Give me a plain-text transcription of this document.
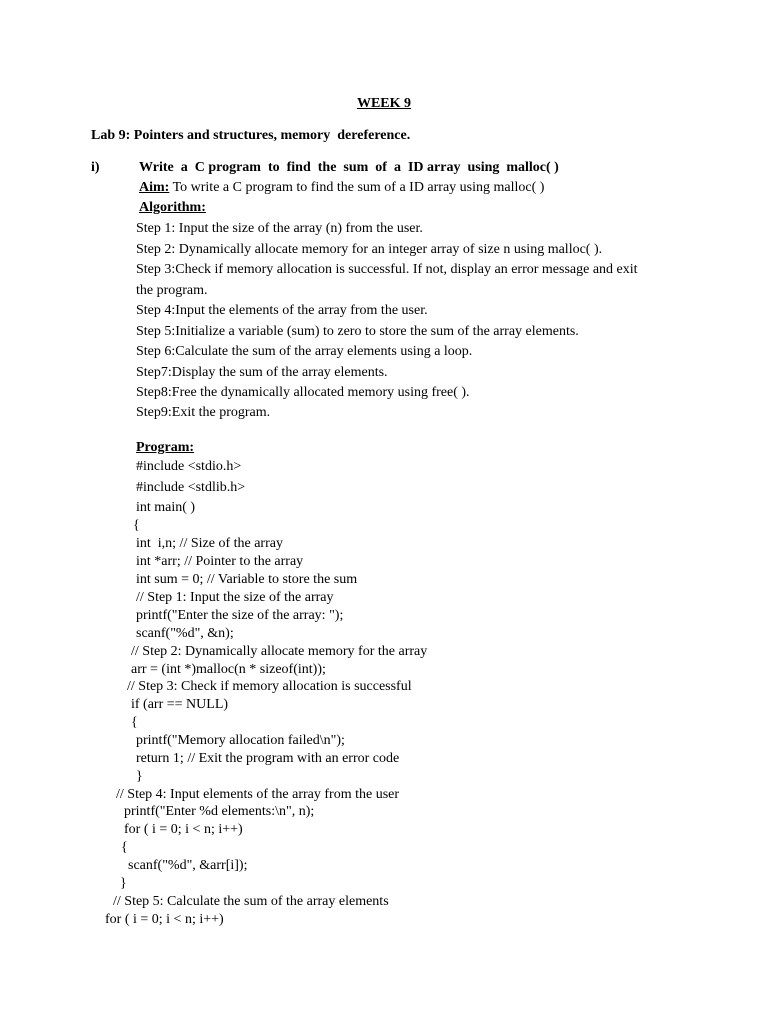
WEEK 9
Lab 9: Pointers and structures, memory  dereference.
i)	Write  a  C program  to  find  the  sum  of  a  ID array  using  malloc( )
Aim: To write a C program to find the sum of a ID array using malloc( )
Algorithm:
Step 1: Input the size of the array (n) from the user.
Step 2: Dynamically allocate memory for an integer array of size n using malloc( ).
Step 3:Check if memory allocation is successful. If not, display an error message and exit
the program.
Step 4:Input the elements of the array from the user.
Step 5:Initialize a variable (sum) to zero to store the sum of the array elements.
Step 6:Calculate the sum of the array elements using a loop.
Step7:Display the sum of the array elements.
Step8:Free the dynamically allocated memory using free( ).
Step9:Exit the program.
Program:
#include <stdio.h>
#include <stdlib.h>
int main( )
{
int  i,n; // Size of the array
int *arr; // Pointer to the array
int sum = 0; // Variable to store the sum
// Step 1: Input the size of the array
printf("Enter the size of the array: ");
scanf("%d", &n);
// Step 2: Dynamically allocate memory for the array
arr = (int *)malloc(n * sizeof(int));
// Step 3: Check if memory allocation is successful
if (arr == NULL)
{
printf("Memory allocation failed\n");
return 1; // Exit the program with an error code
}
// Step 4: Input elements of the array from the user
printf("Enter %d elements:\n", n);
for ( i = 0; i < n; i++)
{
scanf("%d", &arr[i]);
}
// Step 5: Calculate the sum of the array elements
for ( i = 0; i < n; i++)
